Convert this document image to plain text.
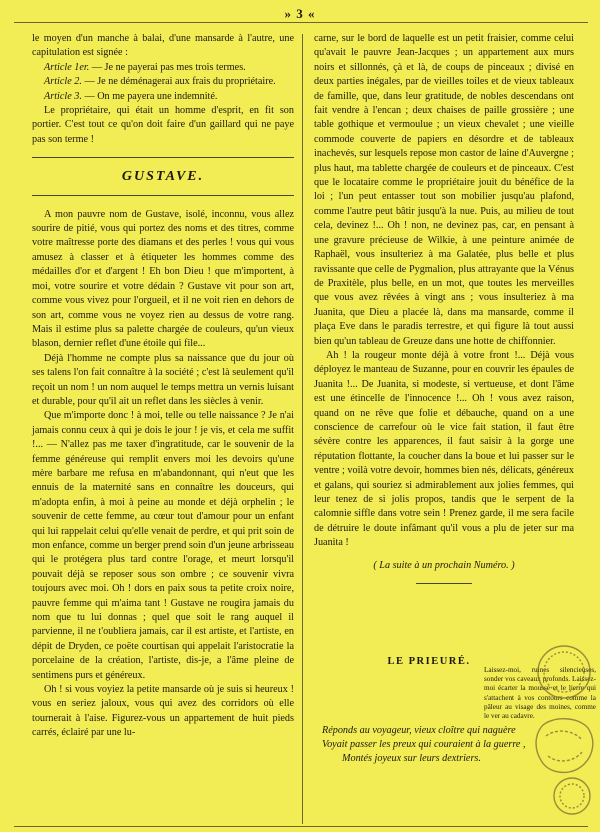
» 3 «

le moyen d'un manche à balai, d'une mansarde à l'autre, une capitulation est signée :

Article 1er. — Je ne payerai pas mes trois termes.

Article 2. — Je ne déménagerai aux frais du propriétaire.

Article 3. — On me payera une indemnité.

Le propriétaire, qui était un homme d'esprit, en fit son portier. C'est tout ce qu'on doit faire d'un gaillard qui ne paye pas son terme !

GUSTAVE.

A mon pauvre nom de Gustave, isolé, inconnu, vous allez sourire de pitié, vous qui portez des noms et des titres, comme votre maîtresse porte des diamans et des perles ! vous qui vous amusez à classer et à étiqueter les hommes comme des médailles d'or et d'argent ! Eh bon Dieu ! que m'importent, à moi, votre sourire et votre dédain ? Gustave vit pour son art, comme vous vivez pour l'orgueil, et il ne voit rien en dehors de son art, comme vous ne voyez rien au dessus de votre rang. Mais il estime plus sa palette chargée de couleurs, qu'un vieux blason, dernier reflet d'une étoile qui file...

Déjà l'homme ne compte plus sa naissance que du jour où ses talens l'on fait connaître à la société ; c'est là seulement qu'il reçoit un nom ! un nom auquel le temps mettra un vernis luisant et durable, pour qu'il ait un reflet dans les siècles à venir.

Que m'importe donc ! à moi, telle ou telle naissance ? Je n'ai jamais connu ceux à qui je dois le jour ! je vis, et cela me suffit !... — N'allez pas me taxer d'ingratitude, car le souvenir de la femme généreuse qui remplit envers moi les devoirs qu'une mère barbare me refusa en m'abandonnant, qui n'eut que les ennuis de la maternité sans en connaître les douceurs, qui m'adopta enfin, à moi à peine au monde et déjà orphelin ; le souvenir de cette femme, au cœur tout d'amour pour un enfant qui lui rappelait celui qu'elle venait de perdre, et qui prit soin de mon enfance, comme un berger prend soin d'un jeune arbrisseau qui le protégera plus tard contre l'orage, et meurt lorsqu'il pouvait déjà se reposer sous son ombre ; ce souvenir vivra toujours avec moi. Oh ! dors en paix sous ta petite croix noire, pauvre femme qui m'aima tant ! Gustave ne rougira jamais du nom que tu lui donnas ; quel que soit le rang auquel il parvienne, il ne t'oubliera jamais, car il est artiste, et l'artiste, en dépit de Dryden, ce poëte courtisan qui appelait l'aristocratie la porcelaine de la création, l'artiste, dis-je, a l'âme pleine de sentimens purs et généreux.

Oh ! si vous voyiez la petite mansarde où je suis si heureux ! vous en seriez jaloux, vous qui avez des corridors où elle tournerait à l'aise. Figurez-vous un appartement de huit pieds carrés, éclairé par une lu-

carne, sur le bord de laquelle est un petit fraisier, comme celui qu'avait le pauvre Jean-Jacques ; un appartement aux murs noirs et sillonnés, çà et là, de coups de pinceaux ; divisé en deux parties inégales, par de vieilles toiles et de vieux tableaux de famille, que, dans leur gratitude, de nobles descendans ont fait vendre à l'encan ; deux chaises de paille grossière ; une table gothique et vermoulue ; un vieux chevalet ; une vieille commode couverte de papiers en désordre et de tableaux inachevés, sur lesquels repose mon castor de laine d'Auvergne ; plus haut, ma tablette chargée de couleurs et de pinceaux. C'est que le locataire comme le propriétaire jouit du bénéfice de la loi ; l'un peut entasser tout son mobilier jusqu'au plafond, comme l'autre peut bâtir jusqu'à la nue. Puis, au milieu de tout cela, devinez !... Oh ! non, ne devinez pas, car, en pensant à une gravure précieuse de Wilkie, à une peinture animée de Raphaël, vous insulteriez à ma Galatée, plus belle et plus ravissante que celle de Pygmalion, plus attrayante que la Vénus de Praxitèle, plus belle, en un mot, que toutes les merveilles que vous avez rêvées à vingt ans ; vous insulteriez à ma Juanita, que Dieu a placée là, dans ma mansarde, comme il plaça Eve dans le paradis terrestre, et qui figure là tout aussi bien qu'un tableau de Greuze dans une hotte de chiffonnier.

Ah ! la rougeur monte déjà à votre front !... Déjà vous déployez le manteau de Suzanne, pour en couvrir les épaules de Juanita !... De Juanita, si modeste, si vertueuse, et dont l'âme est une étincelle de l'innocence !... Oh ! vous avez raison, quand on ne rêve que folie et débauche, quand on a une conscience de carrefour où le vice fait station, il faut être sévère contre les apparences, il faut saisir à la gorge une réputation flottante, la coucher dans la boue et lui passer sur le ventre ; voilà votre devoir, hommes bien nés, délicats, généreux et galans, qui souriez si admirablement aux jolies femmes, qui leur tenez de si jolis propos, tandis que le serpent de la calomnie siffle dans votre sein ! Prenez garde, il me sera facile de détruire le doute infâmant qu'il vous a plu de jeter sur ma Juanita !

( La suite à un prochain Numéro. )
LE PRIEURÉ.
Laissez-moi, ruines silencieuses, sonder vos caveaux profonds. Laissez-moi écarter la mousse et le lierre qui s'attachent à vos contours comme la pâleur au visage des moines, comme le ver au cadavre.
Réponds au voyageur, vieux cloître qui naguère
Voyait passer les preux qui couraient à la guerre ,
Montés joyeux sur leurs dextriers.
